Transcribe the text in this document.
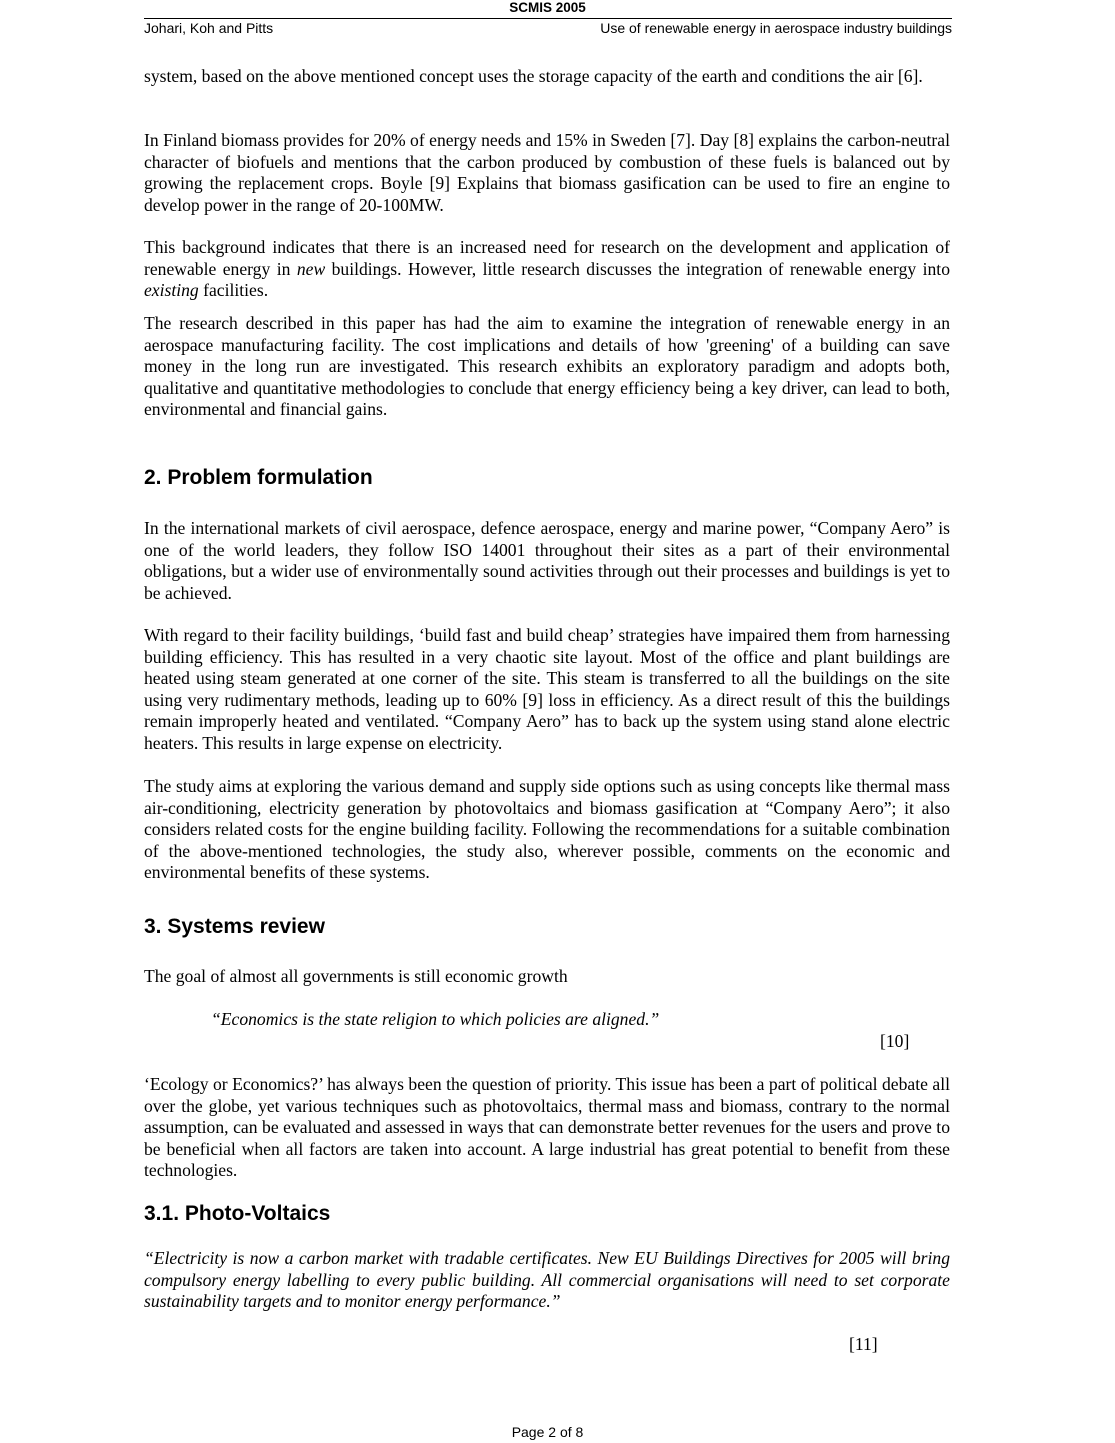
SCMIS 2005
Johari, Koh and Pitts	Use of renewable energy in aerospace industry buildings

system, based on the above mentioned concept uses the storage capacity of the earth and conditions the air [6].

In Finland biomass provides for 20% of energy needs and 15% in Sweden [7]. Day [8] explains the carbon-neutral character of biofuels and mentions that the carbon produced by combustion of these fuels is balanced out by growing the replacement crops. Boyle [9] Explains that biomass gasification can be used to fire an engine to develop power in the range of 20-100MW.

This background indicates that there is an increased need for research on the development and application of renewable energy in new buildings. However, little research discusses the integration of renewable energy into existing facilities.

The research described in this paper has had the aim to examine the integration of renewable energy in an aerospace manufacturing facility. The cost implications and details of how 'greening' of a building can save money in the long run are investigated. This research exhibits an exploratory paradigm and adopts both, qualitative and quantitative methodologies to conclude that energy efficiency being a key driver, can lead to both, environmental and financial gains.

2. Problem formulation

In the international markets of civil aerospace, defence aerospace, energy and marine power, “Company Aero” is one of the world leaders, they follow ISO 14001 throughout their sites as a part of their environmental obligations, but a wider use of environmentally sound activities through out their processes and buildings is yet to be achieved.

With regard to their facility buildings, ‘build fast and build cheap’ strategies have impaired them from harnessing building efficiency. This has resulted in a very chaotic site layout. Most of the office and plant buildings are heated using steam generated at one corner of the site. This steam is transferred to all the buildings on the site using very rudimentary methods, leading up to 60% [9] loss in efficiency. As a direct result of this the buildings remain improperly heated and ventilated. “Company Aero” has to back up the system using stand alone electric heaters. This results in large expense on electricity.

The study aims at exploring the various demand and supply side options such as using concepts like thermal mass air-conditioning, electricity generation by photovoltaics and biomass gasification at “Company Aero”; it also considers related costs for the engine building facility. Following the recommendations for a suitable combination of the above-mentioned technologies, the study also, wherever possible, comments on the economic and environmental benefits of these systems.

3. Systems review

The goal of almost all governments is still economic growth

“Economics is the state religion to which policies are aligned.”

[10]

‘Ecology or Economics?’ has always been the question of priority. This issue has been a part of political debate all over the globe, yet various techniques such as photovoltaics, thermal mass and biomass, contrary to the normal assumption, can be evaluated and assessed in ways that can demonstrate better revenues for the users and prove to be beneficial when all factors are taken into account. A large industrial has great potential to benefit from these technologies.

3.1. Photo-Voltaics

“Electricity is now a carbon market with tradable certificates. New EU Buildings Directives for 2005 will bring compulsory energy labelling to every public building. All commercial organisations will need to set corporate sustainability targets and to monitor energy performance.”

[11]
Page 2 of 8
